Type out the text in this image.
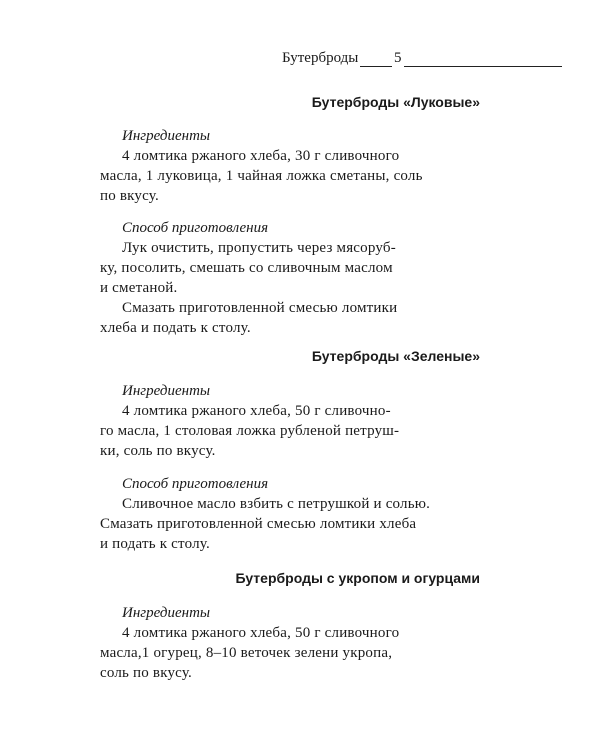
Бутерброды 5
Бутерброды «Луковые»
Ингредиенты
4 ломтика ржаного хлеба, 30 г сливочного
масла, 1 луковица, 1 чайная ложка сметаны, соль
по вкусу.
Способ приготовления
Лук очистить, пропустить через мясоруб-
ку, посолить, смешать со сливочным маслом
и сметаной.
Смазать приготовленной смесью ломтики
хлеба и подать к столу.
Бутерброды «Зеленые»
Ингредиенты
4 ломтика ржаного хлеба, 50 г сливочно-
го масла, 1 столовая ложка рубленой петруш-
ки, соль по вкусу.
Способ приготовления
Сливочное масло взбить с петрушкой и солью.
Смазать приготовленной смесью ломтики хлеба
и подать к столу.
Бутерброды с укропом и огурцами
Ингредиенты
4 ломтика ржаного хлеба, 50 г сливочного
масла,1 огурец, 8–10 веточек зелени укропа,
соль по вкусу.
